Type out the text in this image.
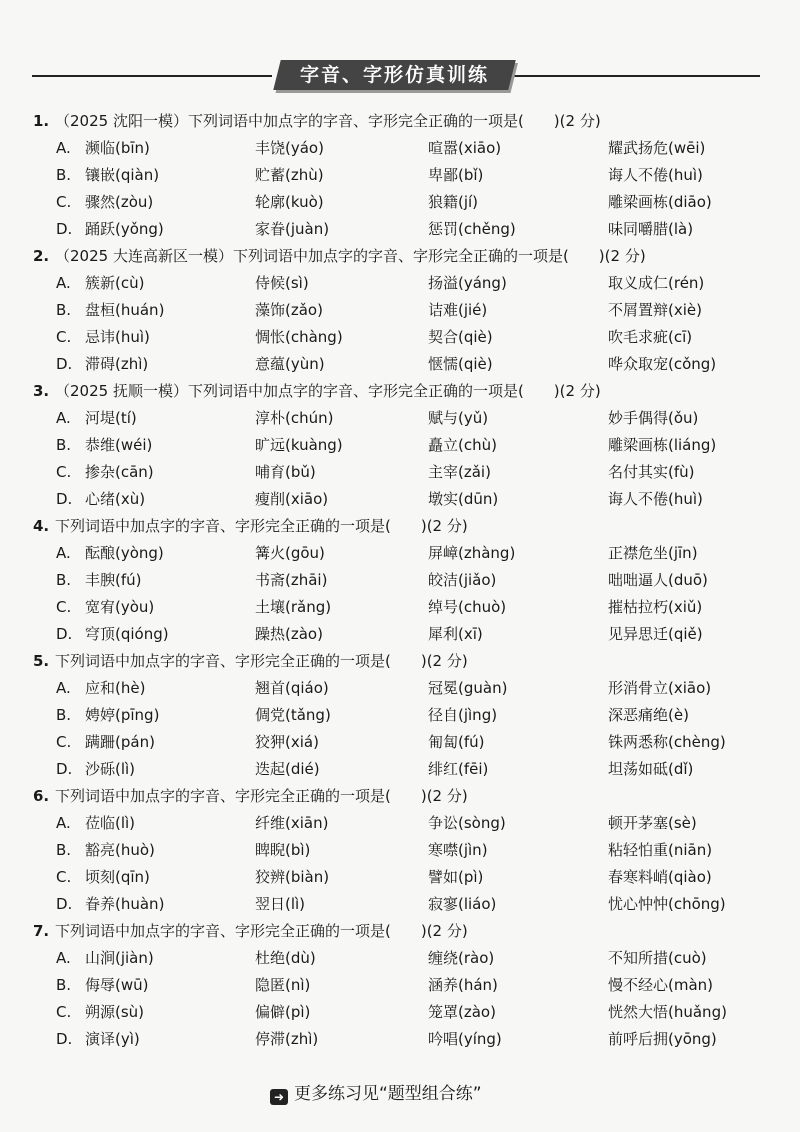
字音、字形仿真训练
1. （2025 沈阳一模）下列词语中加点字的字音、字形完全正确的一项是(　　)(2 分)
A. 濒临(bīn)	丰饶(yáo)	喧嚣(xiāo)	耀武扬危(wēi)
B. 镶嵌(qiàn)	贮蓄(zhù)	卑鄙(bǐ)	诲人不倦(huì)
C. 骤然(zòu)	轮廓(kuò)	狼籍(jí)	雕梁画栋(diāo)
D. 踊跃(yǒng)	家眷(juàn)	惩罚(chěng)	味同嚼腊(là)
2. （2025 大连高新区一模）下列词语中加点字的字音、字形完全正确的一项是(　　)(2 分)
A. 簇新(cù)	侍候(sì)	扬溢(yáng)	取义成仁(rén)
B. 盘桓(huán)	藻饰(zǎo)	诘难(jié)	不屑置辩(xiè)
C. 忌讳(huì)	惆怅(chàng)	契合(qiè)	吹毛求疵(cī)
D. 滞碍(zhì)	意蕴(yùn)	惬懦(qiè)	哗众取宠(cǒng)
3. （2025 抚顺一模）下列词语中加点字的字音、字形完全正确的一项是(　　)(2 分)
A. 河堤(tí)	淳朴(chún)	赋与(yǔ)	妙手偶得(ǒu)
B. 恭维(wéi)	旷远(kuàng)	矗立(chù)	雕梁画栋(liáng)
C. 掺杂(cān)	哺育(bǔ)	主宰(zǎi)	名付其实(fù)
D. 心绪(xù)	瘦削(xiāo)	墩实(dūn)	诲人不倦(huì)
4. 下列词语中加点字的字音、字形完全正确的一项是(　　)(2 分)
A. 酝酿(yòng)	篝火(gōu)	屏嶂(zhàng)	正襟危坐(jīn)
B. 丰腴(fú)	书斋(zhāi)	皎洁(jiǎo)	咄咄逼人(duō)
C. 宽宥(yòu)	土壤(rǎng)	绰号(chuò)	摧枯拉朽(xiǔ)
D. 穹顶(qióng)	躁热(zào)	犀利(xī)	见异思迁(qiě)
5. 下列词语中加点字的字音、字形完全正确的一项是(　　)(2 分)
A. 应和(hè)	翘首(qiáo)	冠冕(guàn)	形消骨立(xiāo)
B. 娉婷(pīng)	倜党(tǎng)	径自(jìng)	深恶痛绝(è)
C. 蹒跚(pán)	狡狎(xiá)	匍匐(fú)	铢两悉称(chèng)
D. 沙砾(lì)	迭起(dié)	绯红(fēi)	坦荡如砥(dǐ)
6. 下列词语中加点字的字音、字形完全正确的一项是(　　)(2 分)
A. 莅临(lì)	纤维(xiān)	争讼(sòng)	顿开茅塞(sè)
B. 豁亮(huò)	睥睨(bì)	寒噤(jìn)	粘轻怕重(niān)
C. 顷刻(qīn)	狡辨(biàn)	譬如(pì)	春寒料峭(qiào)
D. 眷养(huàn)	翌日(lì)	寂寥(liáo)	忧心忡忡(chōng)
7. 下列词语中加点字的字音、字形完全正确的一项是(　　)(2 分)
A. 山涧(jiàn)	杜绝(dù)	缠绕(rào)	不知所措(cuò)
B. 侮辱(wū)	隐匿(nì)	涵养(hán)	慢不经心(màn)
C. 朔源(sù)	偏僻(pì)	笼罩(zào)	恍然大悟(huǎng)
D. 演译(yì)	停滞(zhì)	吟唱(yíng)	前呼后拥(yōng)
➜ 更多练习见“题型组合练”
